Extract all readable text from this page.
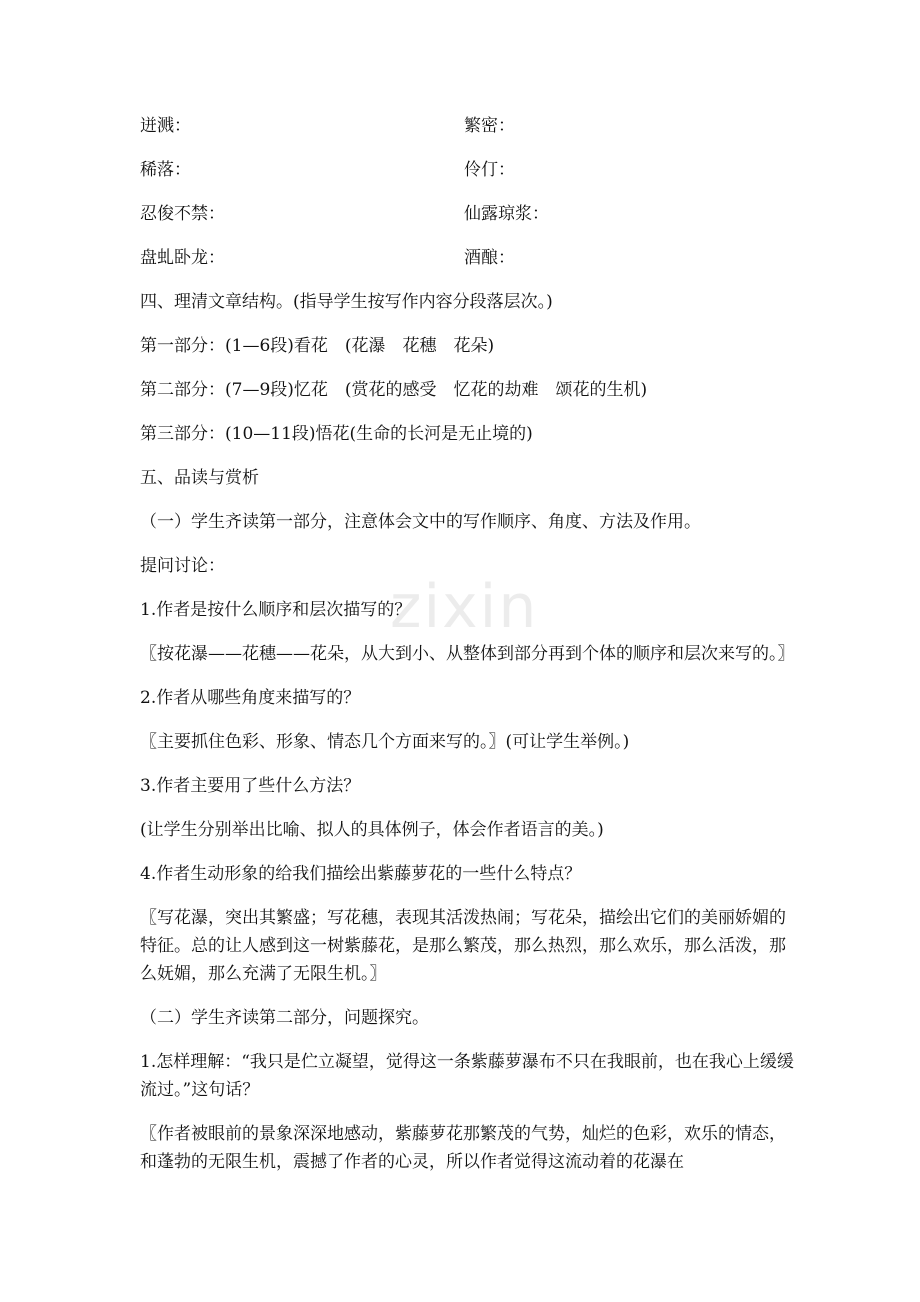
迸溅：	繁密：
稀落：	伶仃：
忍俊不禁：	仙露琼浆：
盘虬卧龙：	酒酿：

四、理清文章结构。(指导学生按写作内容分段落层次。)

第一部分：(1—6段)看花　(花瀑　花穗　花朵)

第二部分：(7—9段)忆花　(赏花的感受　忆花的劫难　颂花的生机)

第三部分：(10—11段)悟花(生命的长河是无止境的)

五、品读与赏析

（一）学生齐读第一部分，注意体会文中的写作顺序、角度、方法及作用。

提问讨论：

1.作者是按什么顺序和层次描写的？

〖按花瀑——花穗——花朵，从大到小、从整体到部分再到个体的顺序和层次来写的。〗

2.作者从哪些角度来描写的？

〖主要抓住色彩、形象、情态几个方面来写的。〗(可让学生举例。)

3.作者主要用了些什么方法？

(让学生分别举出比喻、拟人的具体例子，体会作者语言的美。)

4.作者生动形象的给我们描绘出紫藤萝花的一些什么特点？

〖写花瀑，突出其繁盛；写花穗，表现其活泼热闹；写花朵，描绘出它们的美丽娇媚的特征。总的让人感到这一树紫藤花，是那么繁茂，那么热烈，那么欢乐，那么活泼，那么妩媚，那么充满了无限生机。〗

（二）学生齐读第二部分，问题探究。

1.怎样理解：“我只是伫立凝望，觉得这一条紫藤萝瀑布不只在我眼前，也在我心上缓缓流过。”这句话？

〖作者被眼前的景象深深地感动，紫藤萝花那繁茂的气势，灿烂的色彩，欢乐的情态，和蓬勃的无限生机，震撼了作者的心灵，所以作者觉得这流动着的花瀑在

zixin
